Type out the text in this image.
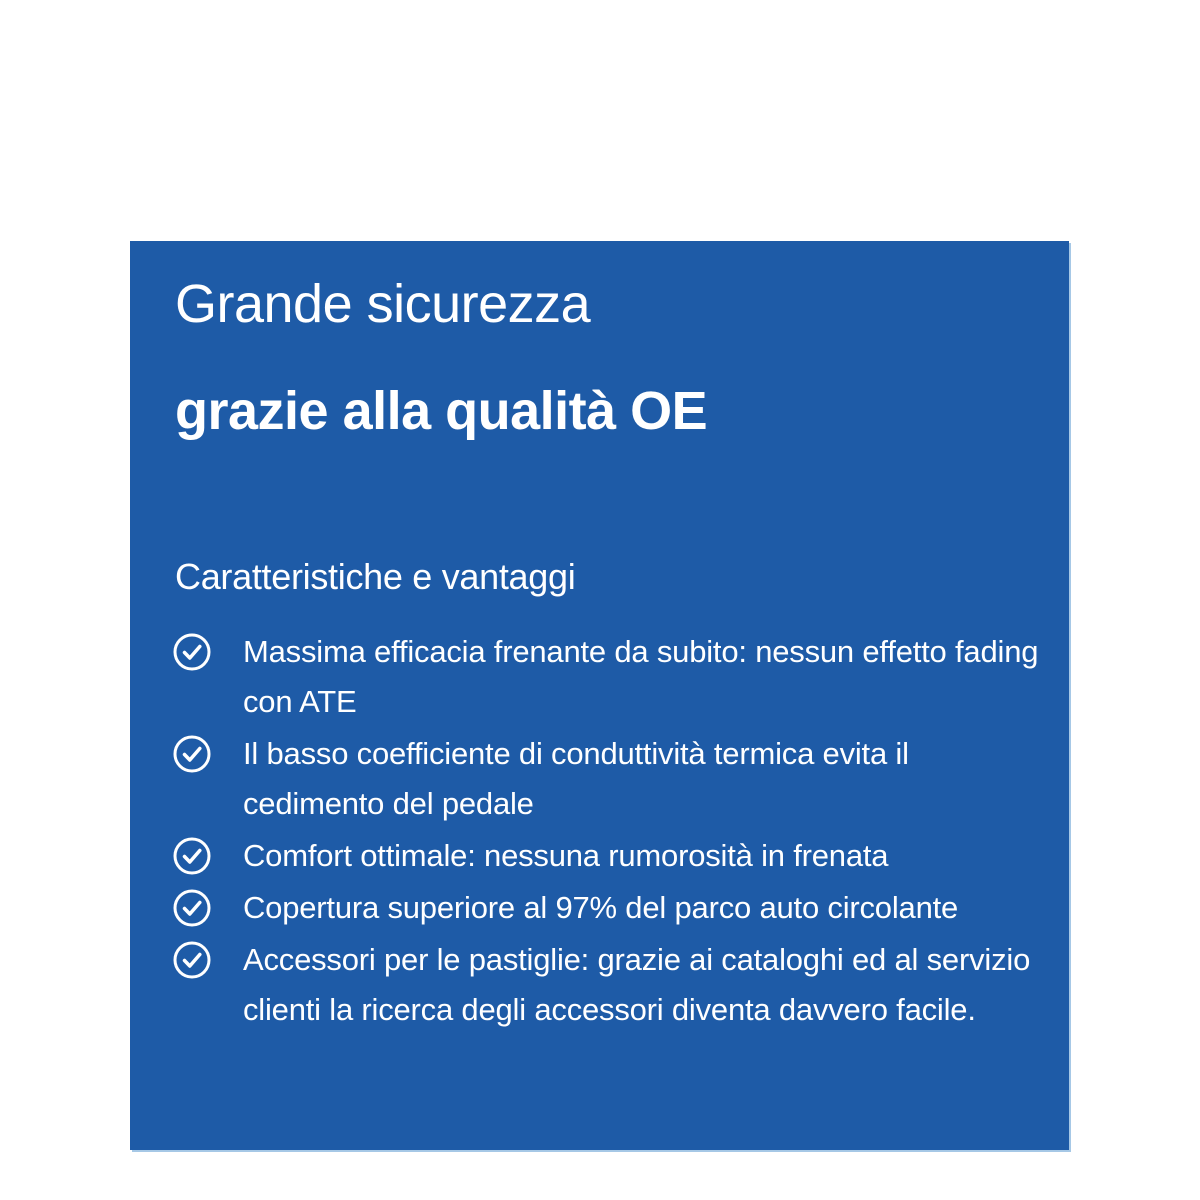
Grande sicurezza
grazie alla qualità OE
Caratteristiche e vantaggi
Massima efficacia frenante da subito: nessun effetto fading con ATE
Il basso coefficiente di conduttività termica evita il cedimento del pedale
Comfort ottimale: nessuna rumorosità in frenata
Copertura superiore al 97% del parco auto circolante
Accessori per le pastiglie: grazie ai cataloghi ed al servizio clienti la ricerca degli accessori diventa davvero facile.
